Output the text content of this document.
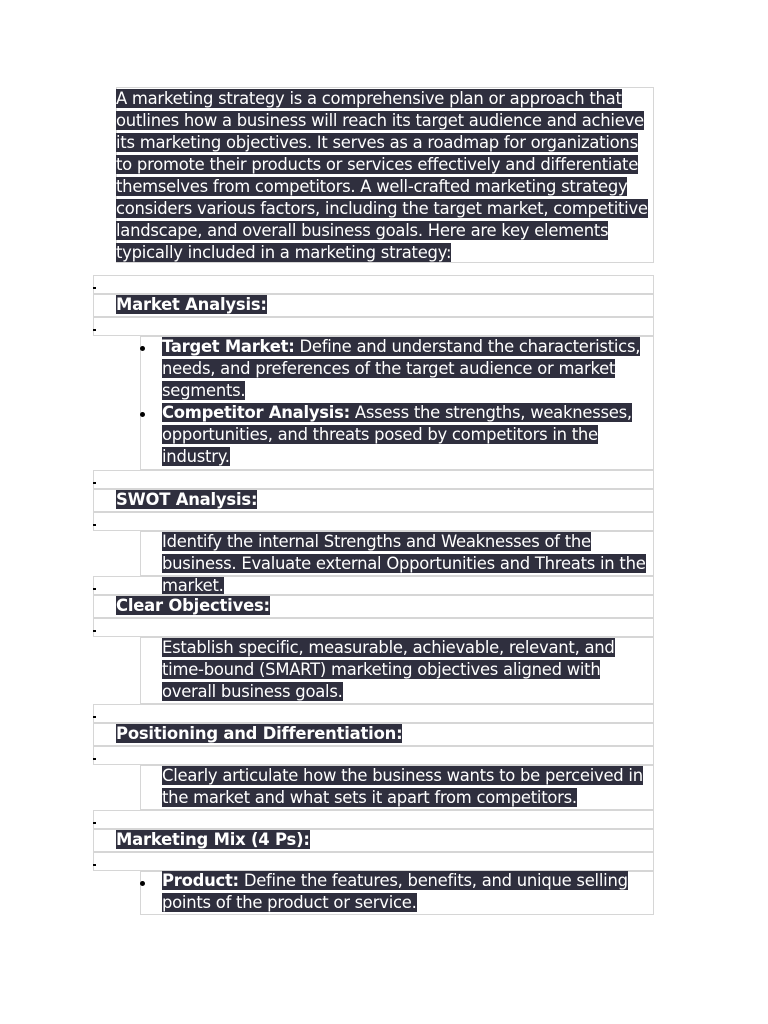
A marketing strategy is a comprehensive plan or approach that outlines how a business will reach its target audience and achieve its marketing objectives. It serves as a roadmap for organizations to promote their products or services effectively and differentiate themselves from competitors. A well-crafted marketing strategy considers various factors, including the target market, competitive landscape, and overall business goals. Here are key elements typically included in a marketing strategy:
Market Analysis:
Target Market: Define and understand the characteristics, needs, and preferences of the target audience or market segments.
Competitor Analysis: Assess the strengths, weaknesses, opportunities, and threats posed by competitors in the industry.
SWOT Analysis:
Identify the internal Strengths and Weaknesses of the business. Evaluate external Opportunities and Threats in the market.
Clear Objectives:
Establish specific, measurable, achievable, relevant, and time-bound (SMART) marketing objectives aligned with overall business goals.
Positioning and Differentiation:
Clearly articulate how the business wants to be perceived in the market and what sets it apart from competitors.
Marketing Mix (4 Ps):
Product: Define the features, benefits, and unique selling points of the product or service.
